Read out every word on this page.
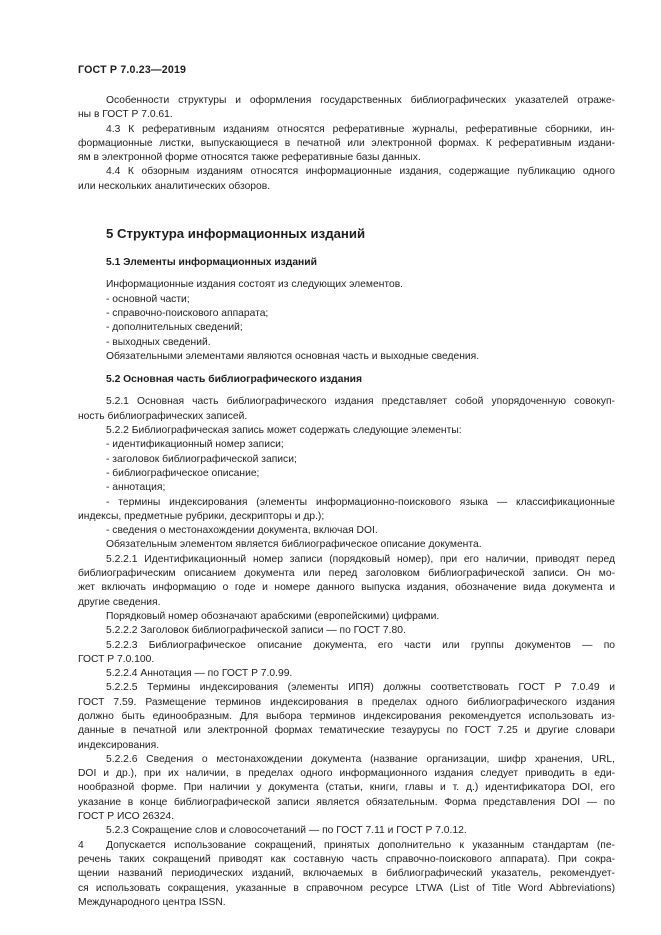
ГОСТ Р 7.0.23—2019

Особенности структуры и оформления государственных библиографических указателей отраже-

ны в ГОСТ Р 7.0.61.

4.3 К реферативным изданиям относятся реферативные журналы, реферативные сборники, ин-

формационные листки, выпускающиеся в печатной или электронной формах. К реферативным издани-

ям в электронной форме относятся также реферативные базы данных.

4.4 К обзорным изданиям относятся информационные издания, содержащие публикацию одного

или нескольких аналитических обзоров.

5 Структура информационных изданий

5.1 Элементы информационных изданий

Информационные издания состоят из следующих элементов.

- основной части;

- справочно-поискового аппарата;

- дополнительных сведений;

- выходных сведений.

Обязательными элементами являются основная часть и выходные сведения.

5.2 Основная часть библиографического издания

5.2.1 Основная часть библиографического издания представляет собой упорядоченную совокуп-

ность библиографических записей.

5.2.2 Библиографическая запись может содержать следующие элементы:

- идентификационный номер записи;

- заголовок библиографической записи;

- библиографическое описание;

- аннотация;

- термины индексирования (элементы информационно-поискового языка — классификационные

индексы, предметные рубрики, дескрипторы и др.);

- сведения о местонахождении документа, включая DOI.

Обязательным элементом является библиографическое описание документа.

5.2.2.1 Идентификационный номер записи (порядковый номер), при его наличии, приводят перед

библиографическим описанием документа или перед заголовком библиографической записи. Он мо-

жет включать информацию о годе и номере данного выпуска издания, обозначение вида документа и

другие сведения.

Порядковый номер обозначают арабскими (европейскими) цифрами.

5.2.2.2 Заголовок библиографической записи — по ГОСТ 7.80.

5.2.2.3 Библиографическое описание документа, его части или группы документов — по

ГОСТ Р 7.0.100.

5.2.2.4 Аннотация — по ГОСТ Р 7.0.99.

5.2.2.5 Термины индексирования (элементы ИПЯ) должны соответствовать ГОСТ Р 7.0.49 и

ГОСТ 7.59. Размещение терминов индексирования в пределах одного библиографического издания

должно быть единообразным. Для выбора терминов индексирования рекомендуется использовать из-

данные в печатной или электронной формах тематические тезаурусы по ГОСТ 7.25 и другие словари

индексирования.

5.2.2.6 Сведения о местонахождении документа (название организации, шифр хранения, URL,

DOI и др.), при их наличии, в пределах одного информационного издания следует приводить в еди-

нообразной форме. При наличии у документа (статьи, книги, главы и т. д.) идентификатора DOI, его

указание в конце библиографической записи является обязательным. Форма представления DOI — по

ГОСТ Р ИСО 26324.

5.2.3 Сокращение слов и словосочетаний — по ГОСТ 7.11 и ГОСТ Р 7.0.12.

Допускается использование сокращений, принятых дополнительно к указанным стандартам (пе-

речень таких сокращений приводят как составную часть справочно-поискового аппарата). При сокра-

щении названий периодических изданий, включаемых в библиографический указатель, рекомендует-

ся использовать сокращения, указанные в справочном ресурсе LTWA (List of Title Word Abbreviations)

Международного центра ISSN.

4
